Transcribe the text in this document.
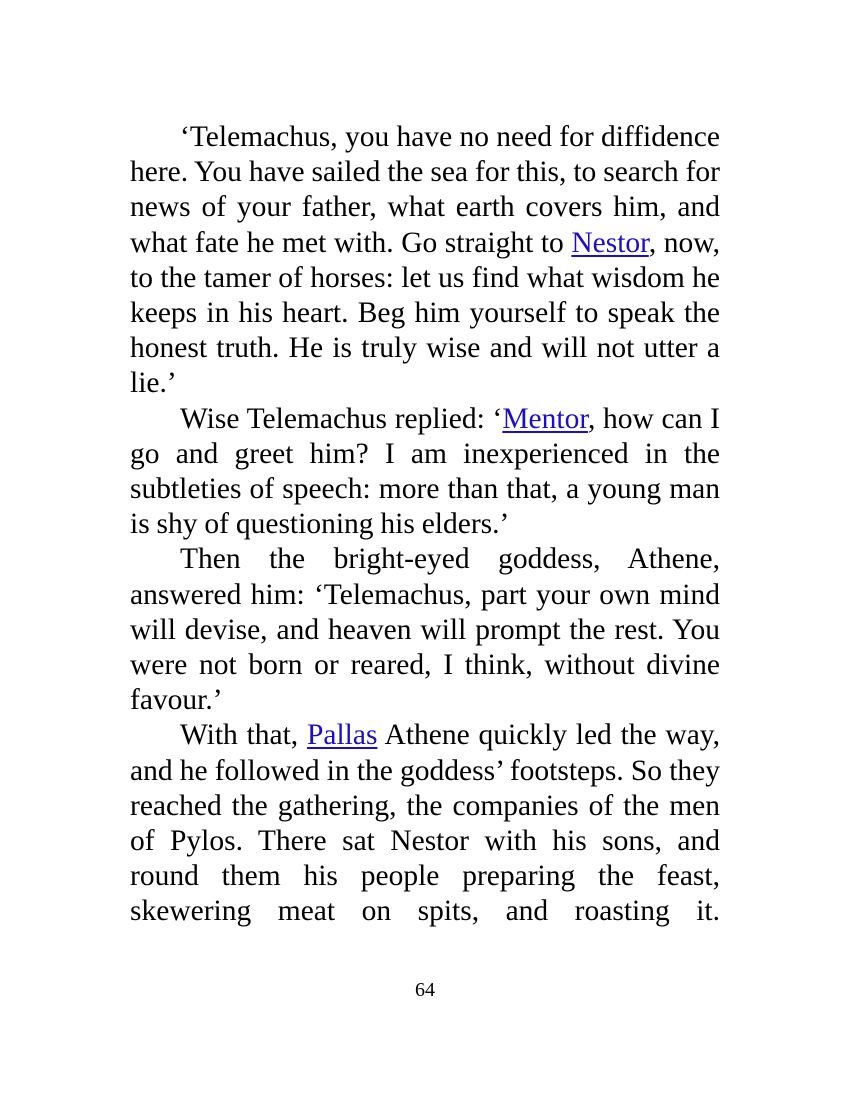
‘Telemachus, you have no need for diffidence here. You have sailed the sea for this, to search for news of your father, what earth covers him, and what fate he met with. Go straight to Nestor, now, to the tamer of horses: let us find what wisdom he keeps in his heart. Beg him yourself to speak the honest truth. He is truly wise and will not utter a lie.’

Wise Telemachus replied: ‘Mentor, how can I go and greet him? I am inexperienced in the subtleties of speech: more than that, a young man is shy of questioning his elders.’

Then the bright-eyed goddess, Athene, answered him: ‘Telemachus, part your own mind will devise, and heaven will prompt the rest. You were not born or reared, I think, without divine favour.’

With that, Pallas Athene quickly led the way, and he followed in the goddess’ footsteps. So they reached the gathering, the companies of the men of Pylos. There sat Nestor with his sons, and round them his people preparing the feast, skewering meat on spits, and roasting it.

64
